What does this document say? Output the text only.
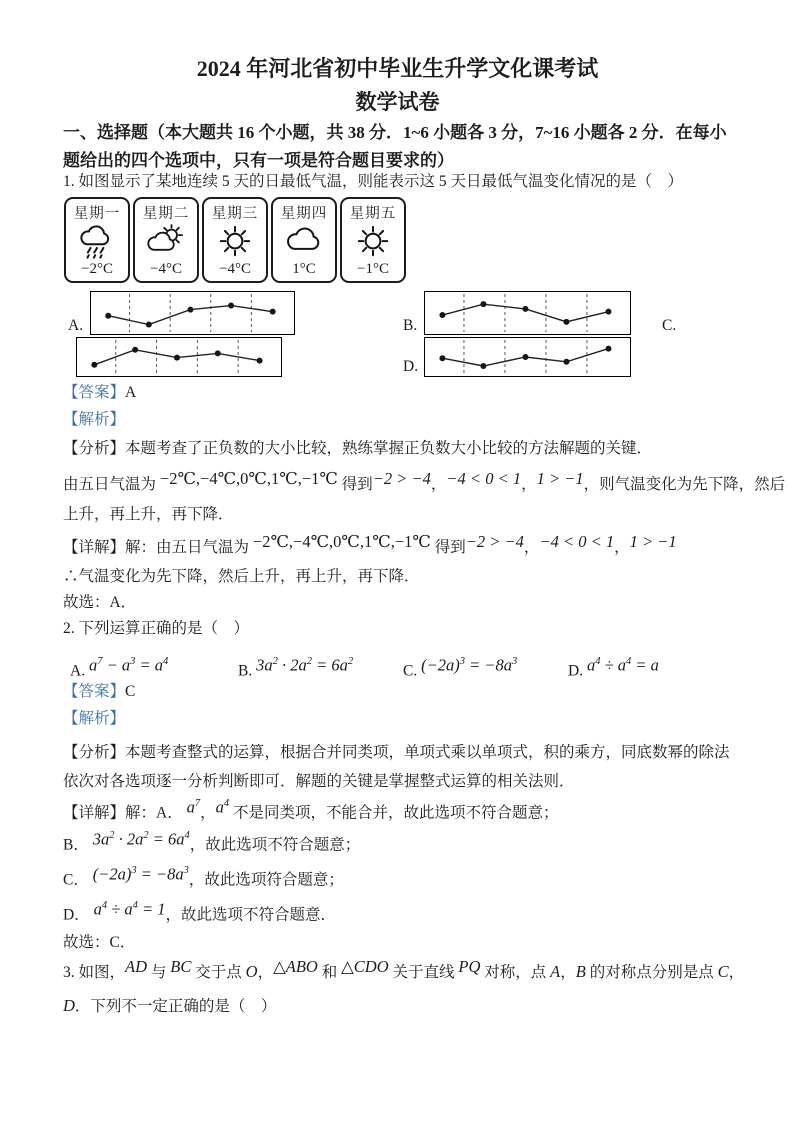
2024 年河北省初中毕业生升学文化课考试
数学试卷
一、选择题（本大题共 16 个小题，共 38 分．1~6 小题各 3 分，7~16 小题各 2 分．在每小题给出的四个选项中，只有一项是符合题目要求的）
1. 如图显示了某地连续 5 天的日最低气温，则能表示这 5 天日最低气温变化情况的是（　）
星期一
−2°C
星期二
−4°C
星期三
−4°C
星期四
1°C
星期五
−1°C
A.	B.	C.
D.
【答案】A
【解析】
【分析】本题考查了正负数的大小比较，熟练掌握正负数大小比较的方法解题的关键．
由五日气温为 −2℃,−4℃,0℃,1℃,−1℃ 得到−2 > −4，−4 < 0 < 1，1 > −1，则气温变化为先下降，然后
上升，再上升，再下降．
【详解】解：由五日气温为 −2℃,−4℃,0℃,1℃,−1℃ 得到−2 > −4，−4 < 0 < 1，1 > −1
∴气温变化为先下降，然后上升，再上升，再下降．
故选：A．
2. 下列运算正确的是（　）
A. $a^7 - a^3 = a^4$
B. $3a^2 \cdot 2a^2 = 6a^2$
C. $(-2a)^3 = -8a^3$
D. $a^4 \div a^4 = a$
【答案】C
【解析】
【分析】本题考查整式的运算，根据合并同类项，单项式乘以单项式，积的乘方，同底数幂的除法依次对各选项逐一分析判断即可．解题的关键是掌握整式运算的相关法则．
【详解】解：A． $a^7$，$a^4$ 不是同类项，不能合并，故此选项不符合题意；
B． $3a^2 \cdot 2a^2 = 6a^4$，故此选项不符合题意；
C． $(-2a)^3 = -8a^3$，故此选项符合题意；
D． $a^4 \div a^4 = 1$，故此选项不符合题意．
故选：C．
3. 如图，AD 与 BC 交于点 O，△ABO 和 △CDO 关于直线 PQ 对称，点 A，B 的对称点分别是点 C，
D．下列不一定正确的是（　）
